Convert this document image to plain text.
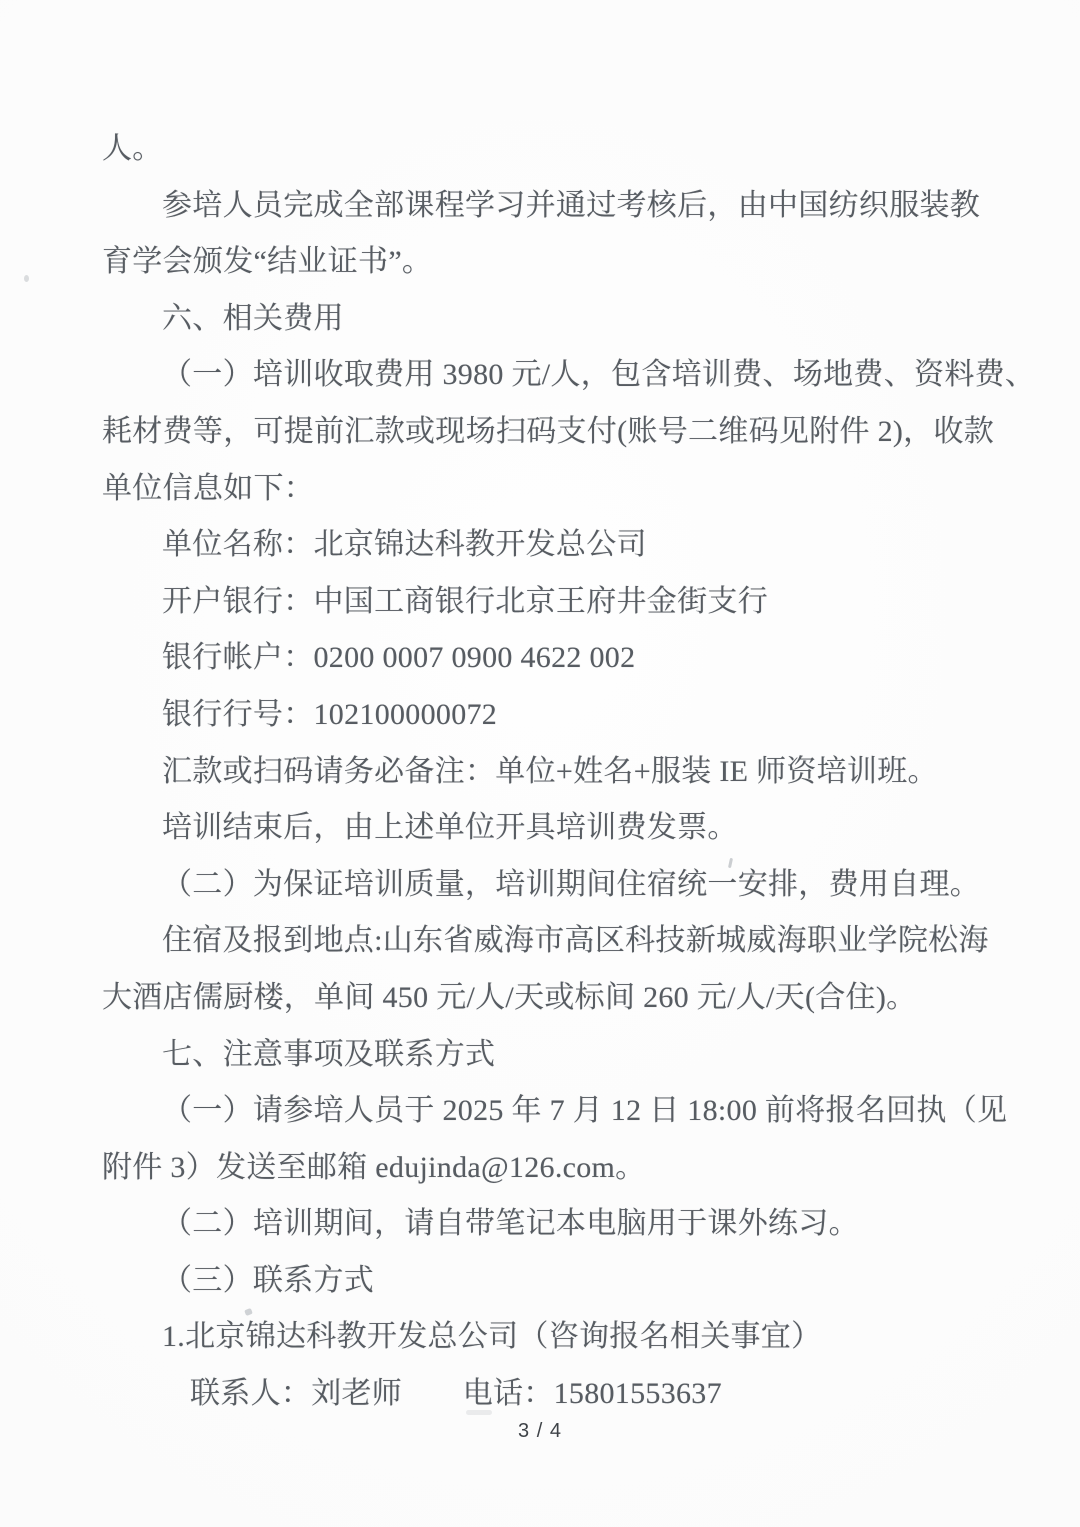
人。

参培人员完成全部课程学习并通过考核后，由中国纺织服装教

育学会颁发“结业证书”。

六、相关费用

（一）培训收取费用 3980 元/人，包含培训费、场地费、资料费、

耗材费等，可提前汇款或现场扫码支付(账号二维码见附件 2)，收款

单位信息如下：

单位名称：北京锦达科教开发总公司

开户银行：中国工商银行北京王府井金街支行

银行帐户：0200 0007 0900 4622 002

银行行号：102100000072

汇款或扫码请务必备注：单位+姓名+服装 IE 师资培训班。

培训结束后，由上述单位开具培训费发票。

（二）为保证培训质量，培训期间住宿统一安排，费用自理。

住宿及报到地点:山东省威海市高区科技新城威海职业学院松海

大酒店儒厨楼，单间 450 元/人/天或标间 260 元/人/天(合住)。

七、注意事项及联系方式

（一）请参培人员于 2025 年 7 月 12 日 18:00 前将报名回执（见

附件 3）发送至邮箱 edujinda@126.com。

（二）培训期间，请自带笔记本电脑用于课外练习。

（三）联系方式

1.北京锦达科教开发总公司（咨询报名相关事宜）

联系人：刘老师　　电话：15801553637

3 / 4
